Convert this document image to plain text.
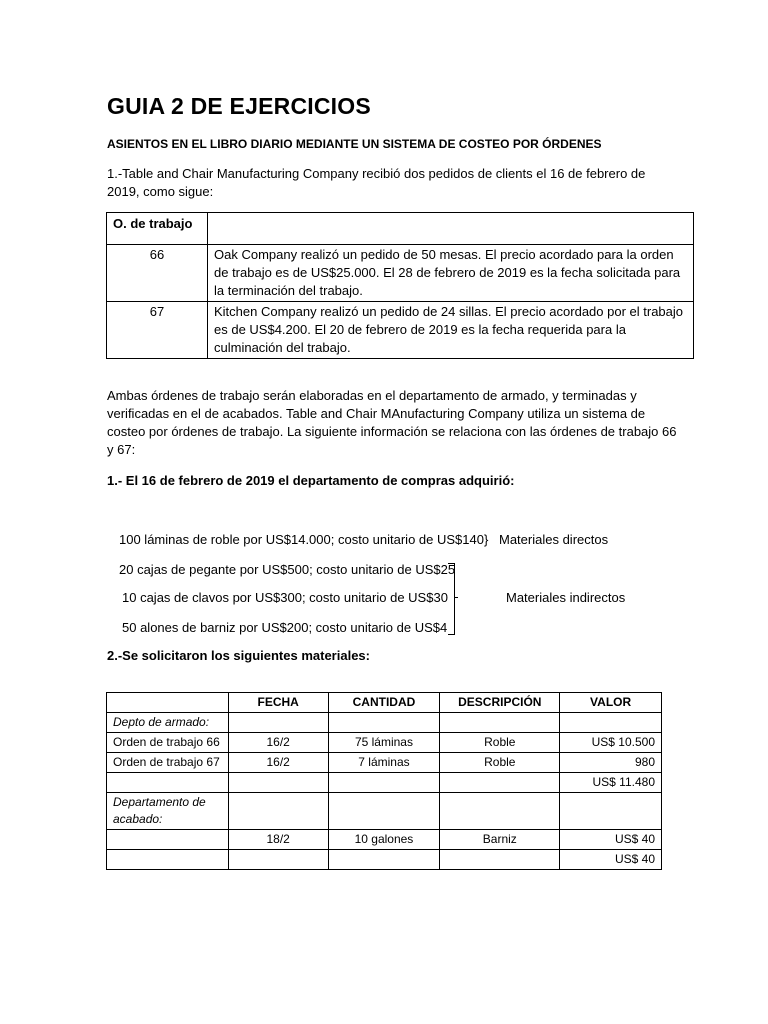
GUIA 2 DE EJERCICIOS
ASIENTOS EN EL LIBRO DIARIO MEDIANTE UN SISTEMA DE COSTEO POR ÓRDENES
1.-Table and Chair Manufacturing Company recibió dos pedidos de clients el 16 de febrero de 2019, como sigue:
O. de trabajo	
66	Oak Company realizó un pedido de 50 mesas. El precio acordado para la orden de trabajo es de US$25.000. El 28 de febrero de 2019 es la fecha solicitada para la terminación del trabajo.
67	Kitchen Company realizó un pedido de 24 sillas. El precio acordado por el trabajo es de US$4.200. El 20 de febrero de 2019 es la fecha requerida para la culminación del trabajo.
Ambas órdenes de trabajo serán elaboradas en el departamento de armado, y terminadas y verificadas en el de acabados. Table and Chair MAnufacturing Company utiliza un sistema de costeo por órdenes de trabajo. La siguiente información se relaciona con las órdenes de trabajo 66 y 67:
1.- El 16 de febrero de 2019 el departamento de compras adquirió:
100 láminas de roble por US$14.000; costo unitario de US$140} Materiales directos
20 cajas de pegante por US$500; costo unitario de US$25
10 cajas de clavos por US$300; costo unitario de US$30
50 alones de barniz por US$200; costo unitario de US$4
Materiales indirectos
2.-Se solicitaron los siguientes materiales:
	FECHA	CANTIDAD	DESCRIPCIÓN	VALOR
Depto de armado:				
Orden de trabajo 66	16/2	75 láminas	Roble	US$ 10.500
Orden de trabajo 67	16/2	7 láminas	Roble	980
				US$ 11.480
Departamento de acabado:				
	18/2	10 galones	Barniz	US$ 40
				US$ 40
